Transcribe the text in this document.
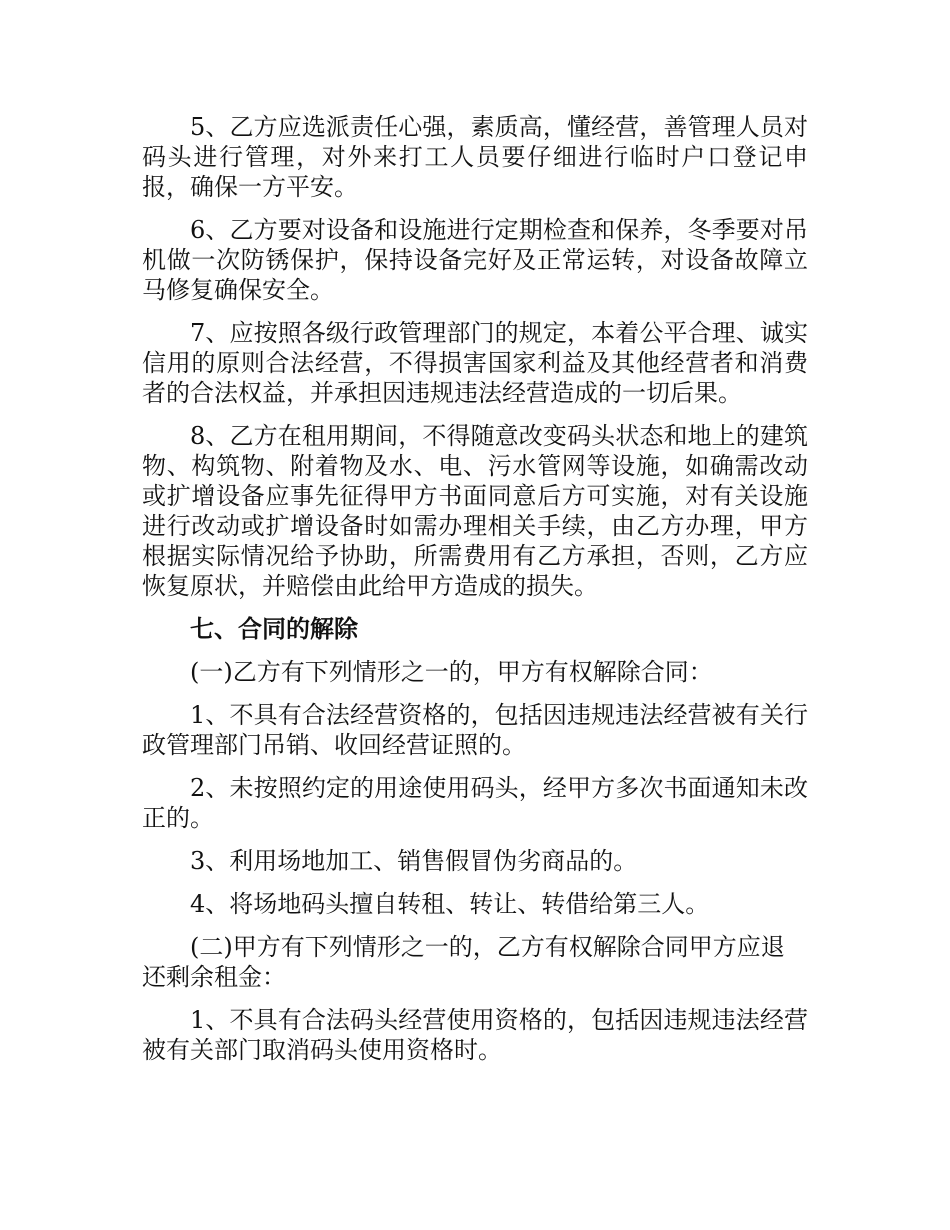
5、乙方应选派责任心强，素质高，懂经营，善管理人员对码头进行管理，对外来打工人员要仔细进行临时户口登记申报，确保一方平安。

6、乙方要对设备和设施进行定期检查和保养，冬季要对吊机做一次防锈保护，保持设备完好及正常运转，对设备故障立马修复确保安全。

7、应按照各级行政管理部门的规定，本着公平合理、诚实信用的原则合法经营，不得损害国家利益及其他经营者和消费者的合法权益，并承担因违规违法经营造成的一切后果。

8、乙方在租用期间，不得随意改变码头状态和地上的建筑物、构筑物、附着物及水、电、污水管网等设施，如确需改动或扩增设备应事先征得甲方书面同意后方可实施，对有关设施进行改动或扩增设备时如需办理相关手续，由乙方办理，甲方根据实际情况给予协助，所需费用有乙方承担，否则，乙方应恢复原状，并赔偿由此给甲方造成的损失。

七、合同的解除

(一)乙方有下列情形之一的，甲方有权解除合同：

1、不具有合法经营资格的，包括因违规违法经营被有关行政管理部门吊销、收回经营证照的。

2、未按照约定的用途使用码头，经甲方多次书面通知未改正的。

3、利用场地加工、销售假冒伪劣商品的。

4、将场地码头擅自转租、转让、转借给第三人。

(二)甲方有下列情形之一的，乙方有权解除合同甲方应退还剩余租金：

1、不具有合法码头经营使用资格的，包括因违规违法经营被有关部门取消码头使用资格时。
